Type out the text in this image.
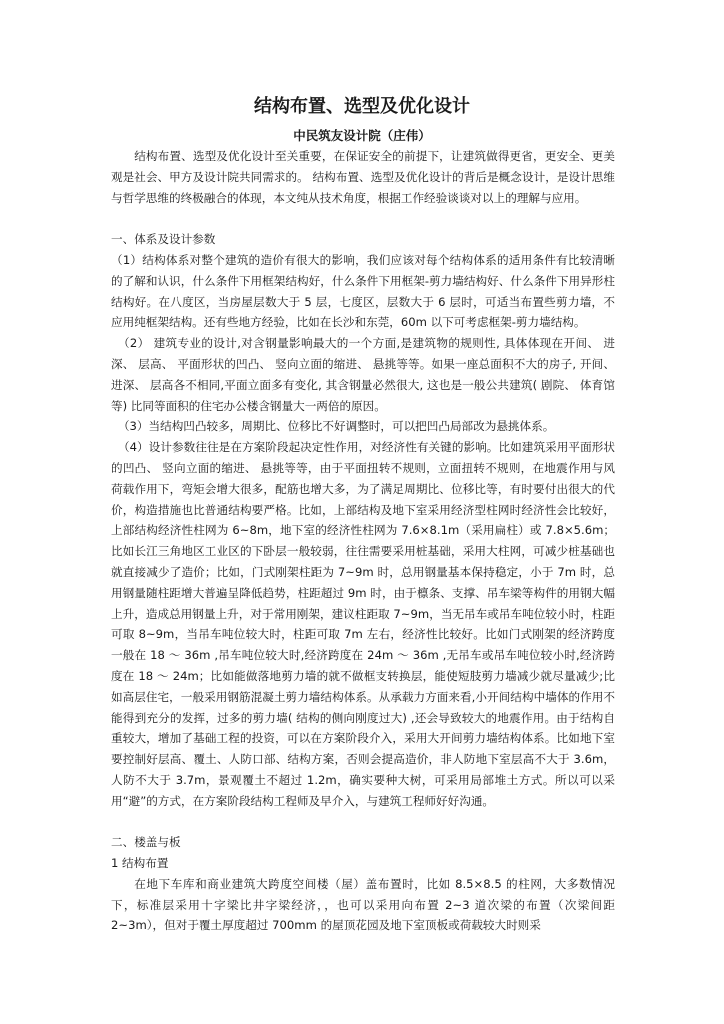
结构布置、选型及优化设计
中民筑友设计院（庄伟）

结构布置、选型及优化设计至关重要，在保证安全的前提下，让建筑做得更省，更安全、更美观是社会、甲方及设计院共同需求的。 结构布置、选型及优化设计的背后是概念设计，是设计思维与哲学思维的终极融合的体现，本文纯从技术角度，根据工作经验谈谈对以上的理解与应用。

一、体系及设计参数

（1）结构体系对整个建筑的造价有很大的影响，我们应该对每个结构体系的适用条件有比较清晰的了解和认识，什么条件下用框架结构好，什么条件下用框架-剪力墙结构好、什么条件下用异形柱结构好。在八度区，当房屋层数大于 5 层，七度区，层数大于 6 层时，可适当布置些剪力墙，不应用纯框架结构。还有些地方经验，比如在长沙和东莞，60m 以下可考虑框架-剪力墙结构。

（2） 建筑专业的设计,对含钢量影响最大的一个方面,是建筑物的规则性, 具体体现在开间、 进深、 层高、 平面形状的凹凸、 竖向立面的缩进、 悬挑等等。如果一座总面积不大的房子, 开间、 进深、 层高各不相同,平面立面多有变化, 其含钢量必然很大, 这也是一般公共建筑( 剧院、 体育馆等) 比同等面积的住宅办公楼含钢量大一两倍的原因。

（3）当结构凹凸较多，周期比、位移比不好调整时，可以把凹凸局部改为悬挑体系。

（4）设计参数往往是在方案阶段起决定性作用，对经济性有关键的影响。比如建筑采用平面形状的凹凸、 竖向立面的缩进、 悬挑等等，由于平面扭转不规则，立面扭转不规则，在地震作用与风荷载作用下，弯矩会增大很多，配筋也增大多，为了满足周期比、位移比等，有时要付出很大的代价，构造措施也比普通结构要严格。比如，上部结构及地下室采用经济型柱网时经济性会比较好，上部结构经济性柱网为 6~8m，地下室的经济性柱网为 7.6×8.1m（采用扁柱）或 7.8×5.6m；比如长江三角地区工业区的下卧层一般较弱，往往需要采用桩基础，采用大柱网，可减少桩基础也就直接减少了造价；比如，门式刚架柱距为 7~9m 时，总用钢量基本保持稳定，小于 7m 时，总用钢量随柱距增大普遍呈降低趋势，柱距超过 9m 时，由于檩条、支撑、吊车梁等构件的用钢大幅上升，造成总用钢量上升，对于常用刚架，建议柱距取 7~9m，当无吊车或吊车吨位较小时，柱距可取 8~9m，当吊车吨位较大时，柱距可取 7m 左右，经济性比较好。比如门式刚架的经济跨度一般在 18 ～ 36m ,吊车吨位较大时,经济跨度在 24m ～ 36m ,无吊车或吊车吨位较小时,经济跨度在 18 ～ 24m；比如能做落地剪力墙的就不做框支转换层，能使短肢剪力墙减少就尽量减少;比如高层住宅，一般采用钢筋混凝土剪力墙结构体系。从承载力方面来看,小开间结构中墙体的作用不能得到充分的发挥，过多的剪力墙( 结构的侧向刚度过大) ,还会导致较大的地震作用。由于结构自重较大，增加了基础工程的投资，可以在方案阶段介入，采用大开间剪力墙结构体系。比如地下室要控制好层高、覆土、人防口部、结构方案，否则会提高造价，非人防地下室层高不大于 3.6m，人防不大于 3.7m，景观覆土不超过 1.2m，确实要种大树，可采用局部堆土方式。所以可以采用“避”的方式，在方案阶段结构工程师及早介入，与建筑工程师好好沟通。

二、楼盖与板

1 结构布置

在地下车库和商业建筑大跨度空间楼（屋）盖布置时，比如 8.5×8.5 的柱网，大多数情况下，标准层采用十字梁比井字梁经济，，也可以采用向布置 2~3 道次梁的布置（次梁间距 2~3m），但对于覆土厚度超过 700mm 的屋顶花园及地下室顶板或荷载较大时则采
